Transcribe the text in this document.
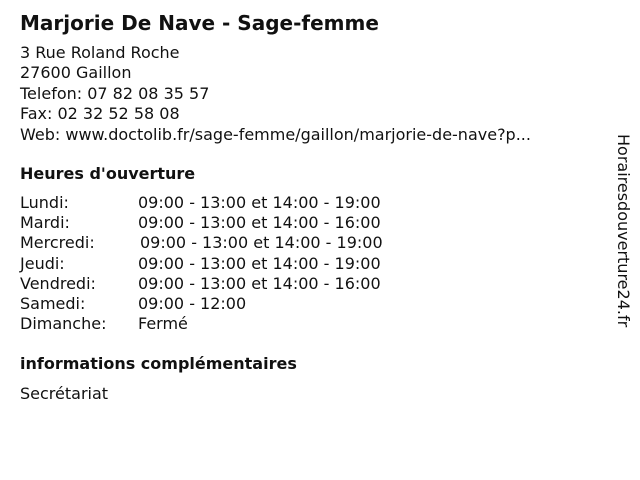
Marjorie De Nave - Sage-femme
3 Rue Roland Roche
27600 Gaillon
Telefon: 07 82 08 35 57
Fax: 02 32 52 58 08
Web: www.doctolib.fr/sage-femme/gaillon/marjorie-de-nave?p...
Heures d'ouverture
Lundi:	09:00 - 13:00 et 14:00 - 19:00
Mardi:	09:00 - 13:00 et 14:00 - 16:00
Mercredi:	09:00 - 13:00 et 14:00 - 19:00
Jeudi:	09:00 - 13:00 et 14:00 - 19:00
Vendredi:	09:00 - 13:00 et 14:00 - 16:00
Samedi:	09:00 - 12:00
Dimanche: Fermé
informations complémentaires
Secrétariat
Horairesdouverture24.fr
